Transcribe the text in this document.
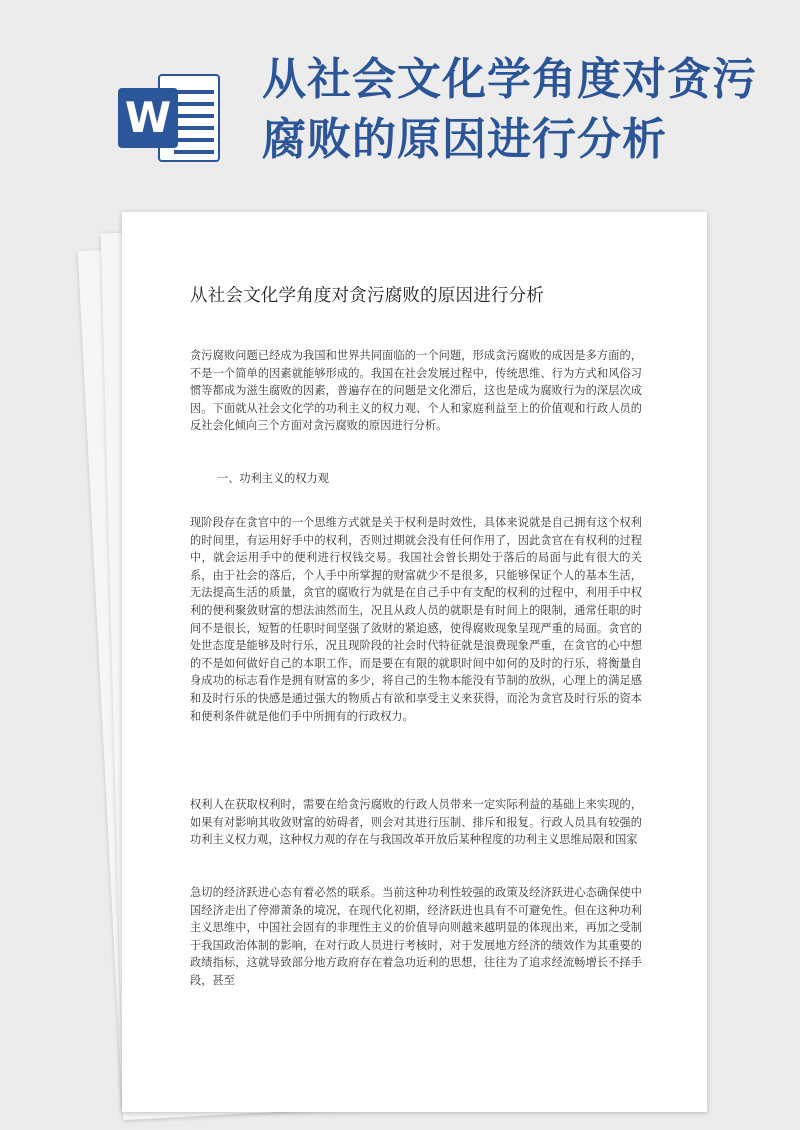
W
从社会文化学角度对贪污腐败的原因进行分析
从社会文化学角度对贪污腐败的原因进行分析

贪污腐败问题已经成为我国和世界共同面临的一个问题，形成贪污腐败的成因是多方面的，不是一个简单的因素就能够形成的。我国在社会发展过程中，传统思维、行为方式和风俗习惯等都成为滋生腐败的因素，普遍存在的问题是文化滞后，这也是成为腐败行为的深层次成因。下面就从社会文化学的功利主义的权力观、个人和家庭利益至上的价值观和行政人员的反社会化倾向三个方面对贪污腐败的原因进行分析。

一、功利主义的权力观

现阶段存在贪官中的一个思维方式就是关于权利是时效性，具体来说就是自己拥有这个权利的时间里，有运用好手中的权利，否则过期就会没有任何作用了，因此贪官在有权利的过程中，就会运用手中的便利进行权钱交易。我国社会曾长期处于落后的局面与此有很大的关系，由于社会的落后，个人手中所掌握的财富就少不是很多，只能够保证个人的基本生活，无法提高生活的质量，贪官的腐败行为就是在自己手中有支配的权利的过程中，利用手中权利的便利聚敛财富的想法油然而生，况且从政人员的就职是有时间上的限制，通常任职的时间不是很长，短暂的任职时间坚强了敛财的紧迫感，使得腐败现象呈现严重的局面。贪官的处世态度是能够及时行乐，况且现阶段的社会时代特征就是浪费现象严重，在贪官的心中想的不是如何做好自己的本职工作，而是要在有限的就职时间中如何的及时的行乐，将衡量自身成功的标志看作是拥有财富的多少，将自己的生物本能没有节制的放纵，心理上的满足感和及时行乐的快感是通过强大的物质占有欲和享受主义来获得，而沦为贪官及时行乐的资本和便利条件就是他们手中所拥有的行政权力。

权利人在获取权利时，需要在给贪污腐败的行政人员带来一定实际利益的基础上来实现的，如果有对影响其收敛财富的妨碍者，则会对其进行压制、排斥和报复。行政人员具有较强的功利主义权力观，这种权力观的存在与我国改革开放后某种程度的功利主义思维局限和国家

急切的经济跃进心态有着必然的联系。当前这种功利性较强的政策及经济跃进心态确保使中国经济走出了停滞萧条的境况，在现代化初期，经济跃进也具有不可避免性。但在这种功利主义思维中，中国社会固有的非理性主义的价值导向则越来越明显的体现出来，再加之受制于我国政治体制的影响，在对行政人员进行考核时，对于发展地方经济的绩效作为其重要的政绩指标，这就导致部分地方政府存在着急功近利的思想，往往为了追求经流畅增长不择手段，甚至
